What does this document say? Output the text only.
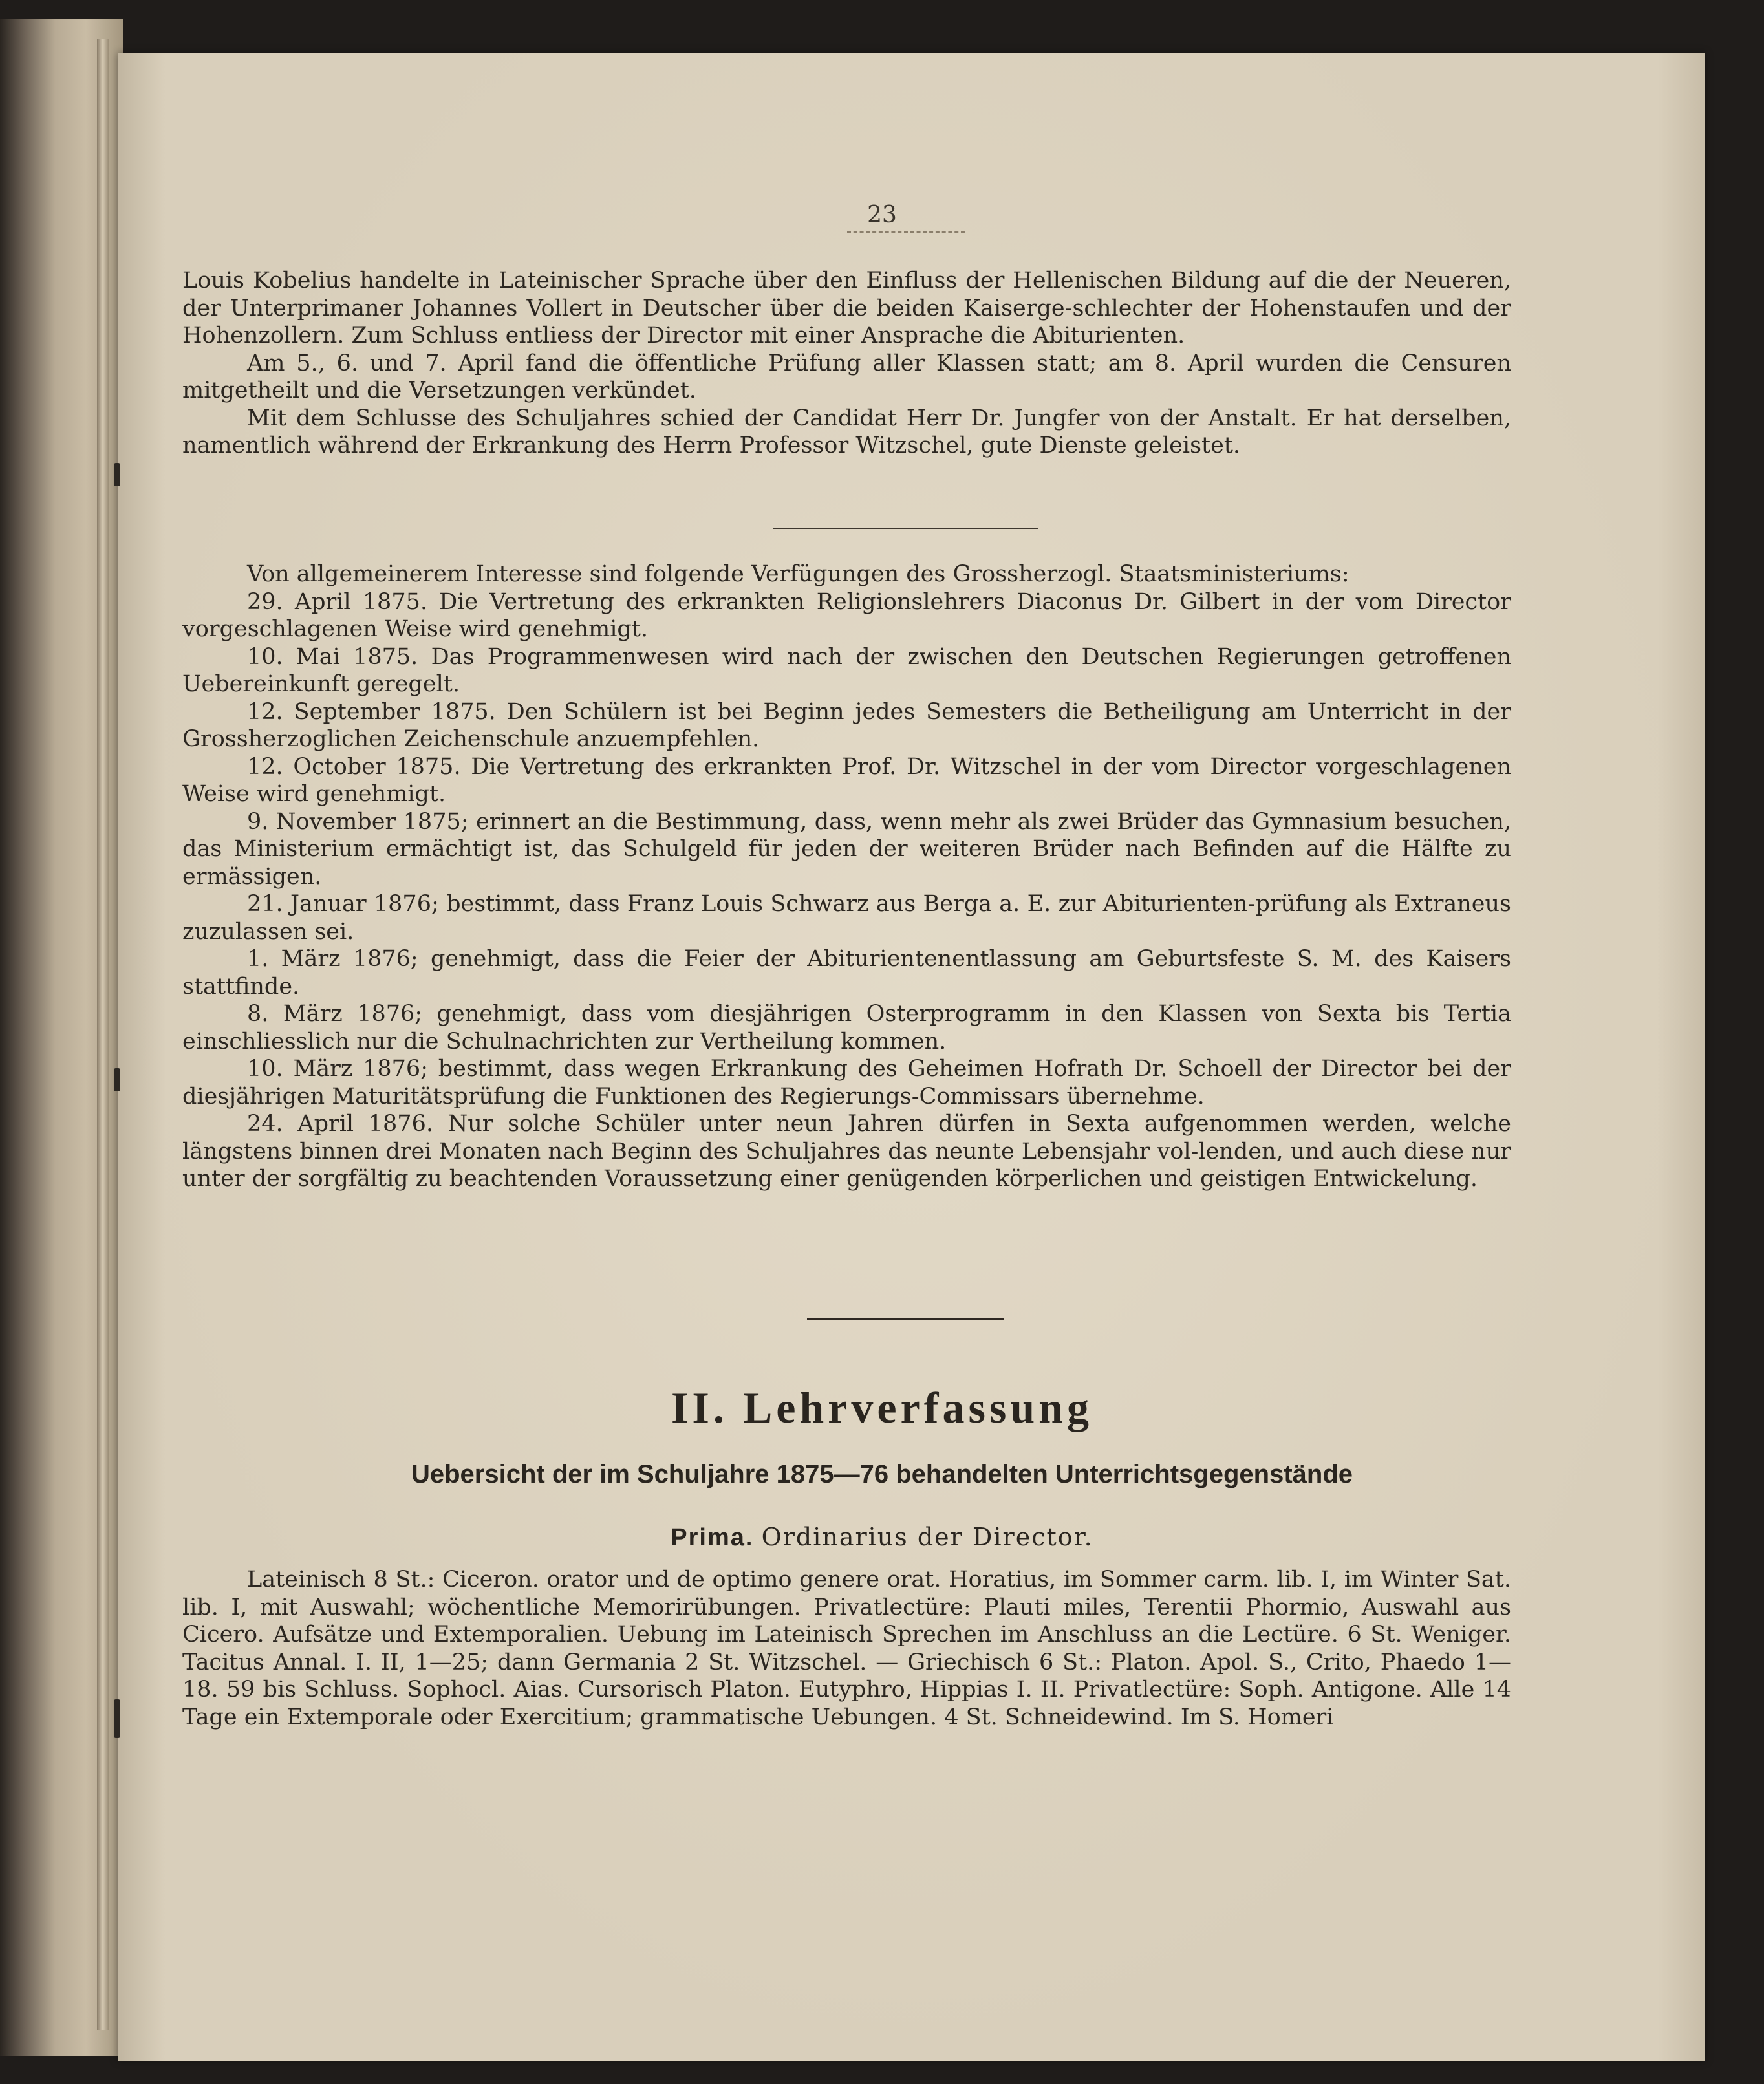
23

Louis Kobelius handelte in Lateinischer Sprache über den Einfluss der Hellenischen Bildung auf die der Neueren, der Unterprimaner Johannes Vollert in Deutscher über die beiden Kaiserge-schlechter der Hohenstaufen und der Hohenzollern. Zum Schluss entliess der Director mit einer Ansprache die Abiturienten.

Am 5., 6. und 7. April fand die öffentliche Prüfung aller Klassen statt; am 8. April wurden die Censuren mitgetheilt und die Versetzungen verkündet.

Mit dem Schlusse des Schuljahres schied der Candidat Herr Dr. Jungfer von der Anstalt. Er hat derselben, namentlich während der Erkrankung des Herrn Professor Witzschel, gute Dienste geleistet.

Von allgemeinerem Interesse sind folgende Verfügungen des Grossherzogl. Staatsministeriums:

29. April 1875. Die Vertretung des erkrankten Religionslehrers Diaconus Dr. Gilbert in der vom Director vorgeschlagenen Weise wird genehmigt.

10. Mai 1875. Das Programmenwesen wird nach der zwischen den Deutschen Regierungen getroffenen Uebereinkunft geregelt.

12. September 1875. Den Schülern ist bei Beginn jedes Semesters die Betheiligung am Unterricht in der Grossherzoglichen Zeichenschule anzuempfehlen.

12. October 1875. Die Vertretung des erkrankten Prof. Dr. Witzschel in der vom Director vorgeschlagenen Weise wird genehmigt.

9. November 1875; erinnert an die Bestimmung, dass, wenn mehr als zwei Brüder das Gymnasium besuchen, das Ministerium ermächtigt ist, das Schulgeld für jeden der weiteren Brüder nach Befinden auf die Hälfte zu ermässigen.

21. Januar 1876; bestimmt, dass Franz Louis Schwarz aus Berga a. E. zur Abiturienten-prüfung als Extraneus zuzulassen sei.

1. März 1876; genehmigt, dass die Feier der Abiturientenentlassung am Geburtsfeste S. M. des Kaisers stattfinde.

8. März 1876; genehmigt, dass vom diesjährigen Osterprogramm in den Klassen von Sexta bis Tertia einschliesslich nur die Schulnachrichten zur Vertheilung kommen.

10. März 1876; bestimmt, dass wegen Erkrankung des Geheimen Hofrath Dr. Schoell der Director bei der diesjährigen Maturitätsprüfung die Funktionen des Regierungs-Commissars übernehme.

24. April 1876. Nur solche Schüler unter neun Jahren dürfen in Sexta aufgenommen werden, welche längstens binnen drei Monaten nach Beginn des Schuljahres das neunte Lebensjahr vol-lenden, und auch diese nur unter der sorgfältig zu beachtenden Voraussetzung einer genügenden körperlichen und geistigen Entwickelung.

II. Lehrverfassung
Uebersicht der im Schuljahre 1875—76 behandelten Unterrichtsgegenstände
Prima. Ordinarius der Director.

Lateinisch 8 St.: Ciceron. orator und de optimo genere orat. Horatius, im Sommer carm. lib. I, im Winter Sat. lib. I, mit Auswahl; wöchentliche Memorirübungen. Privatlectüre: Plauti miles, Terentii Phormio, Auswahl aus Cicero. Aufsätze und Extemporalien. Uebung im Lateinisch Sprechen im Anschluss an die Lectüre. 6 St. Weniger. Tacitus Annal. I. II, 1—25; dann Germania 2 St. Witzschel. — Griechisch 6 St.: Platon. Apol. S., Crito, Phaedo 1—18. 59 bis Schluss. Sophocl. Aias. Cursorisch Platon. Eutyphro, Hippias I. II. Privatlectüre: Soph. Antigone. Alle 14 Tage ein Extemporale oder Exercitium; grammatische Uebungen. 4 St. Schneidewind. Im S. Homeri
